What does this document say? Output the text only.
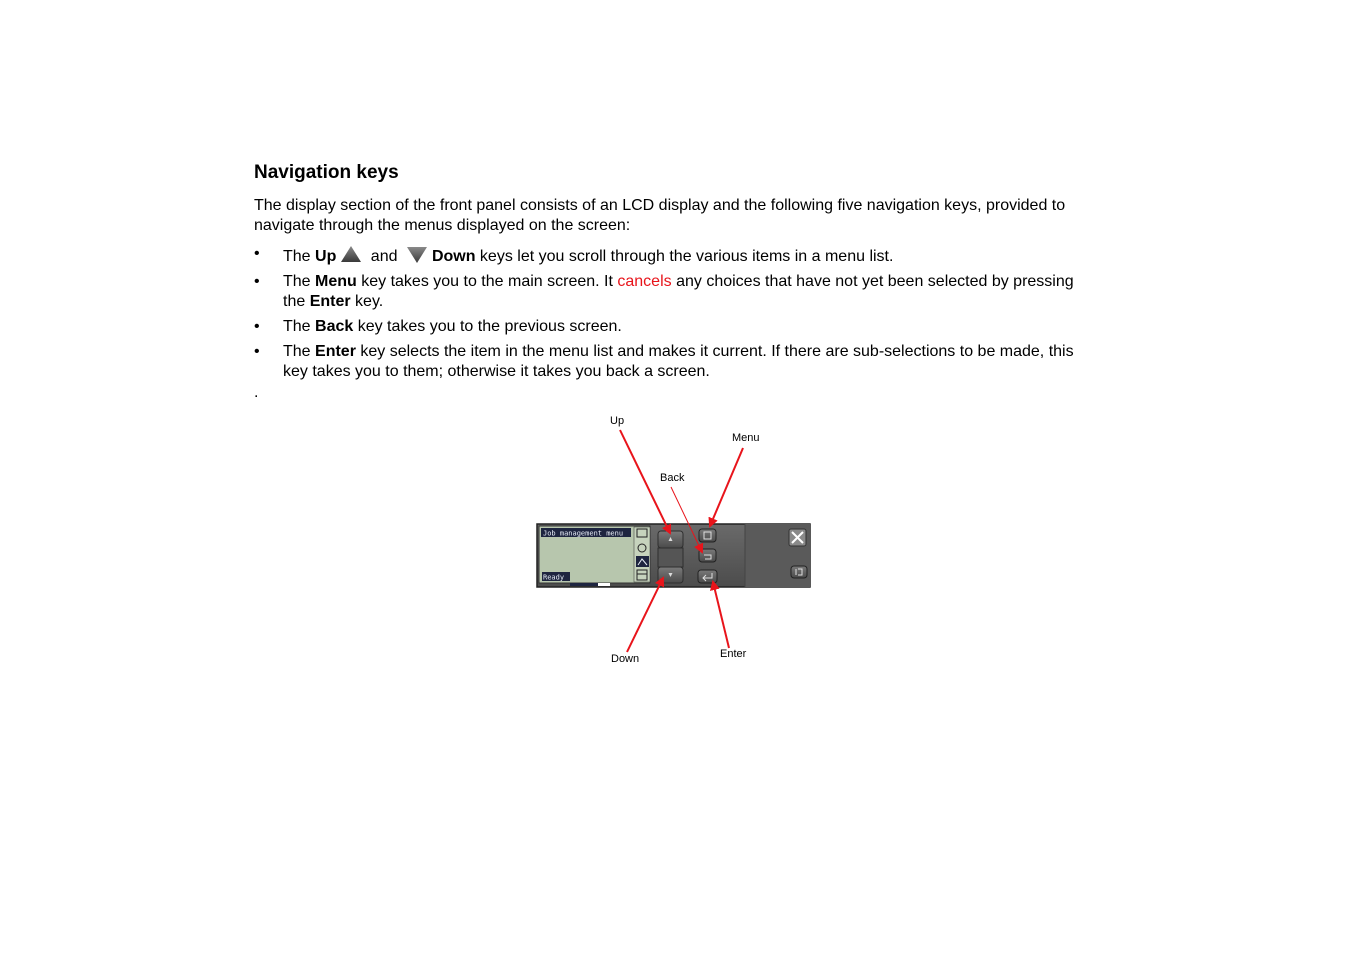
Navigation keys

The display section of the front panel consists of an LCD display and the following five navigation keys, provided to navigate through the menus displayed on the screen:

• The Up and Down keys let you scroll through the various items in a menu list.
• The Menu key takes you to the main screen. It cancels any choices that have not yet been selected by pressing the Enter key.
• The Back key takes you to the previous screen.
• The Enter key selects the item in the menu list and makes it current. If there are sub-selections to be made, this key takes you to them; otherwise it takes you back a screen.
.
Up
Menu
Back
Down	Enter
Job management menu
Ready
